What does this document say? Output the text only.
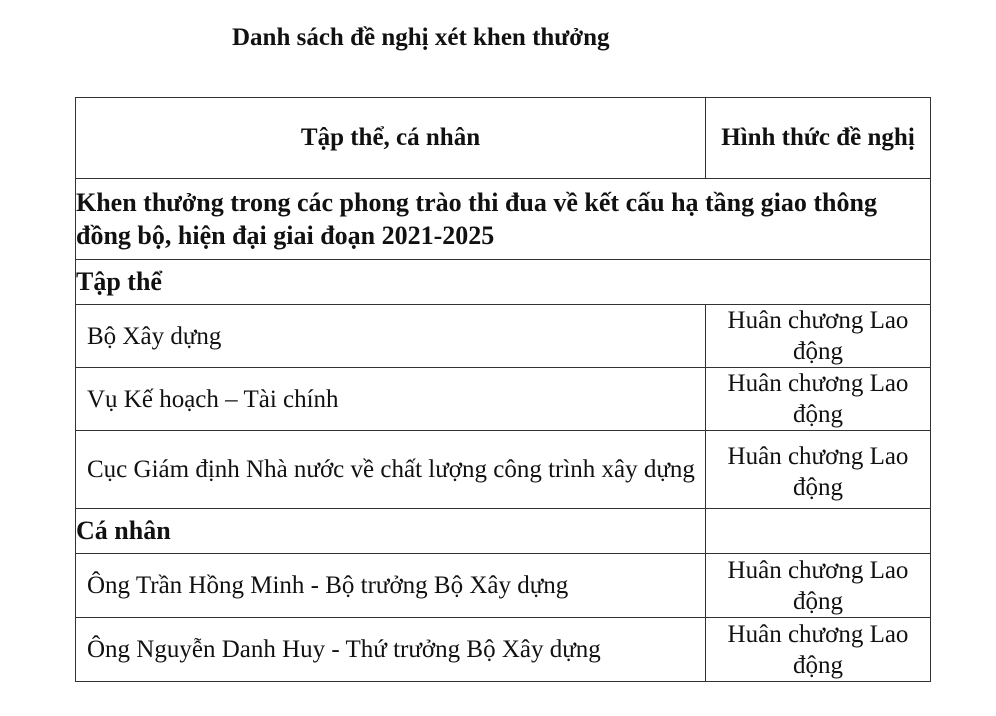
Danh sách đề nghị xét khen thưởng
Tập thể, cá nhân	Hình thức đề nghị
Khen thưởng trong các phong trào thi đua về kết cấu hạ tầng giao thông đồng bộ, hiện đại giai đoạn 2021-2025	
Tập thể	
Bộ Xây dựng	Huân chương Lao động
Vụ Kế hoạch – Tài chính	Huân chương Lao động
Cục Giám định Nhà nước về chất lượng công trình xây dựng	Huân chương Lao động
Cá nhân	
Ông Trần Hồng Minh - Bộ trưởng Bộ Xây dựng	Huân chương Lao động
Ông Nguyễn Danh Huy - Thứ trưởng Bộ Xây dựng	Huân chương Lao động
